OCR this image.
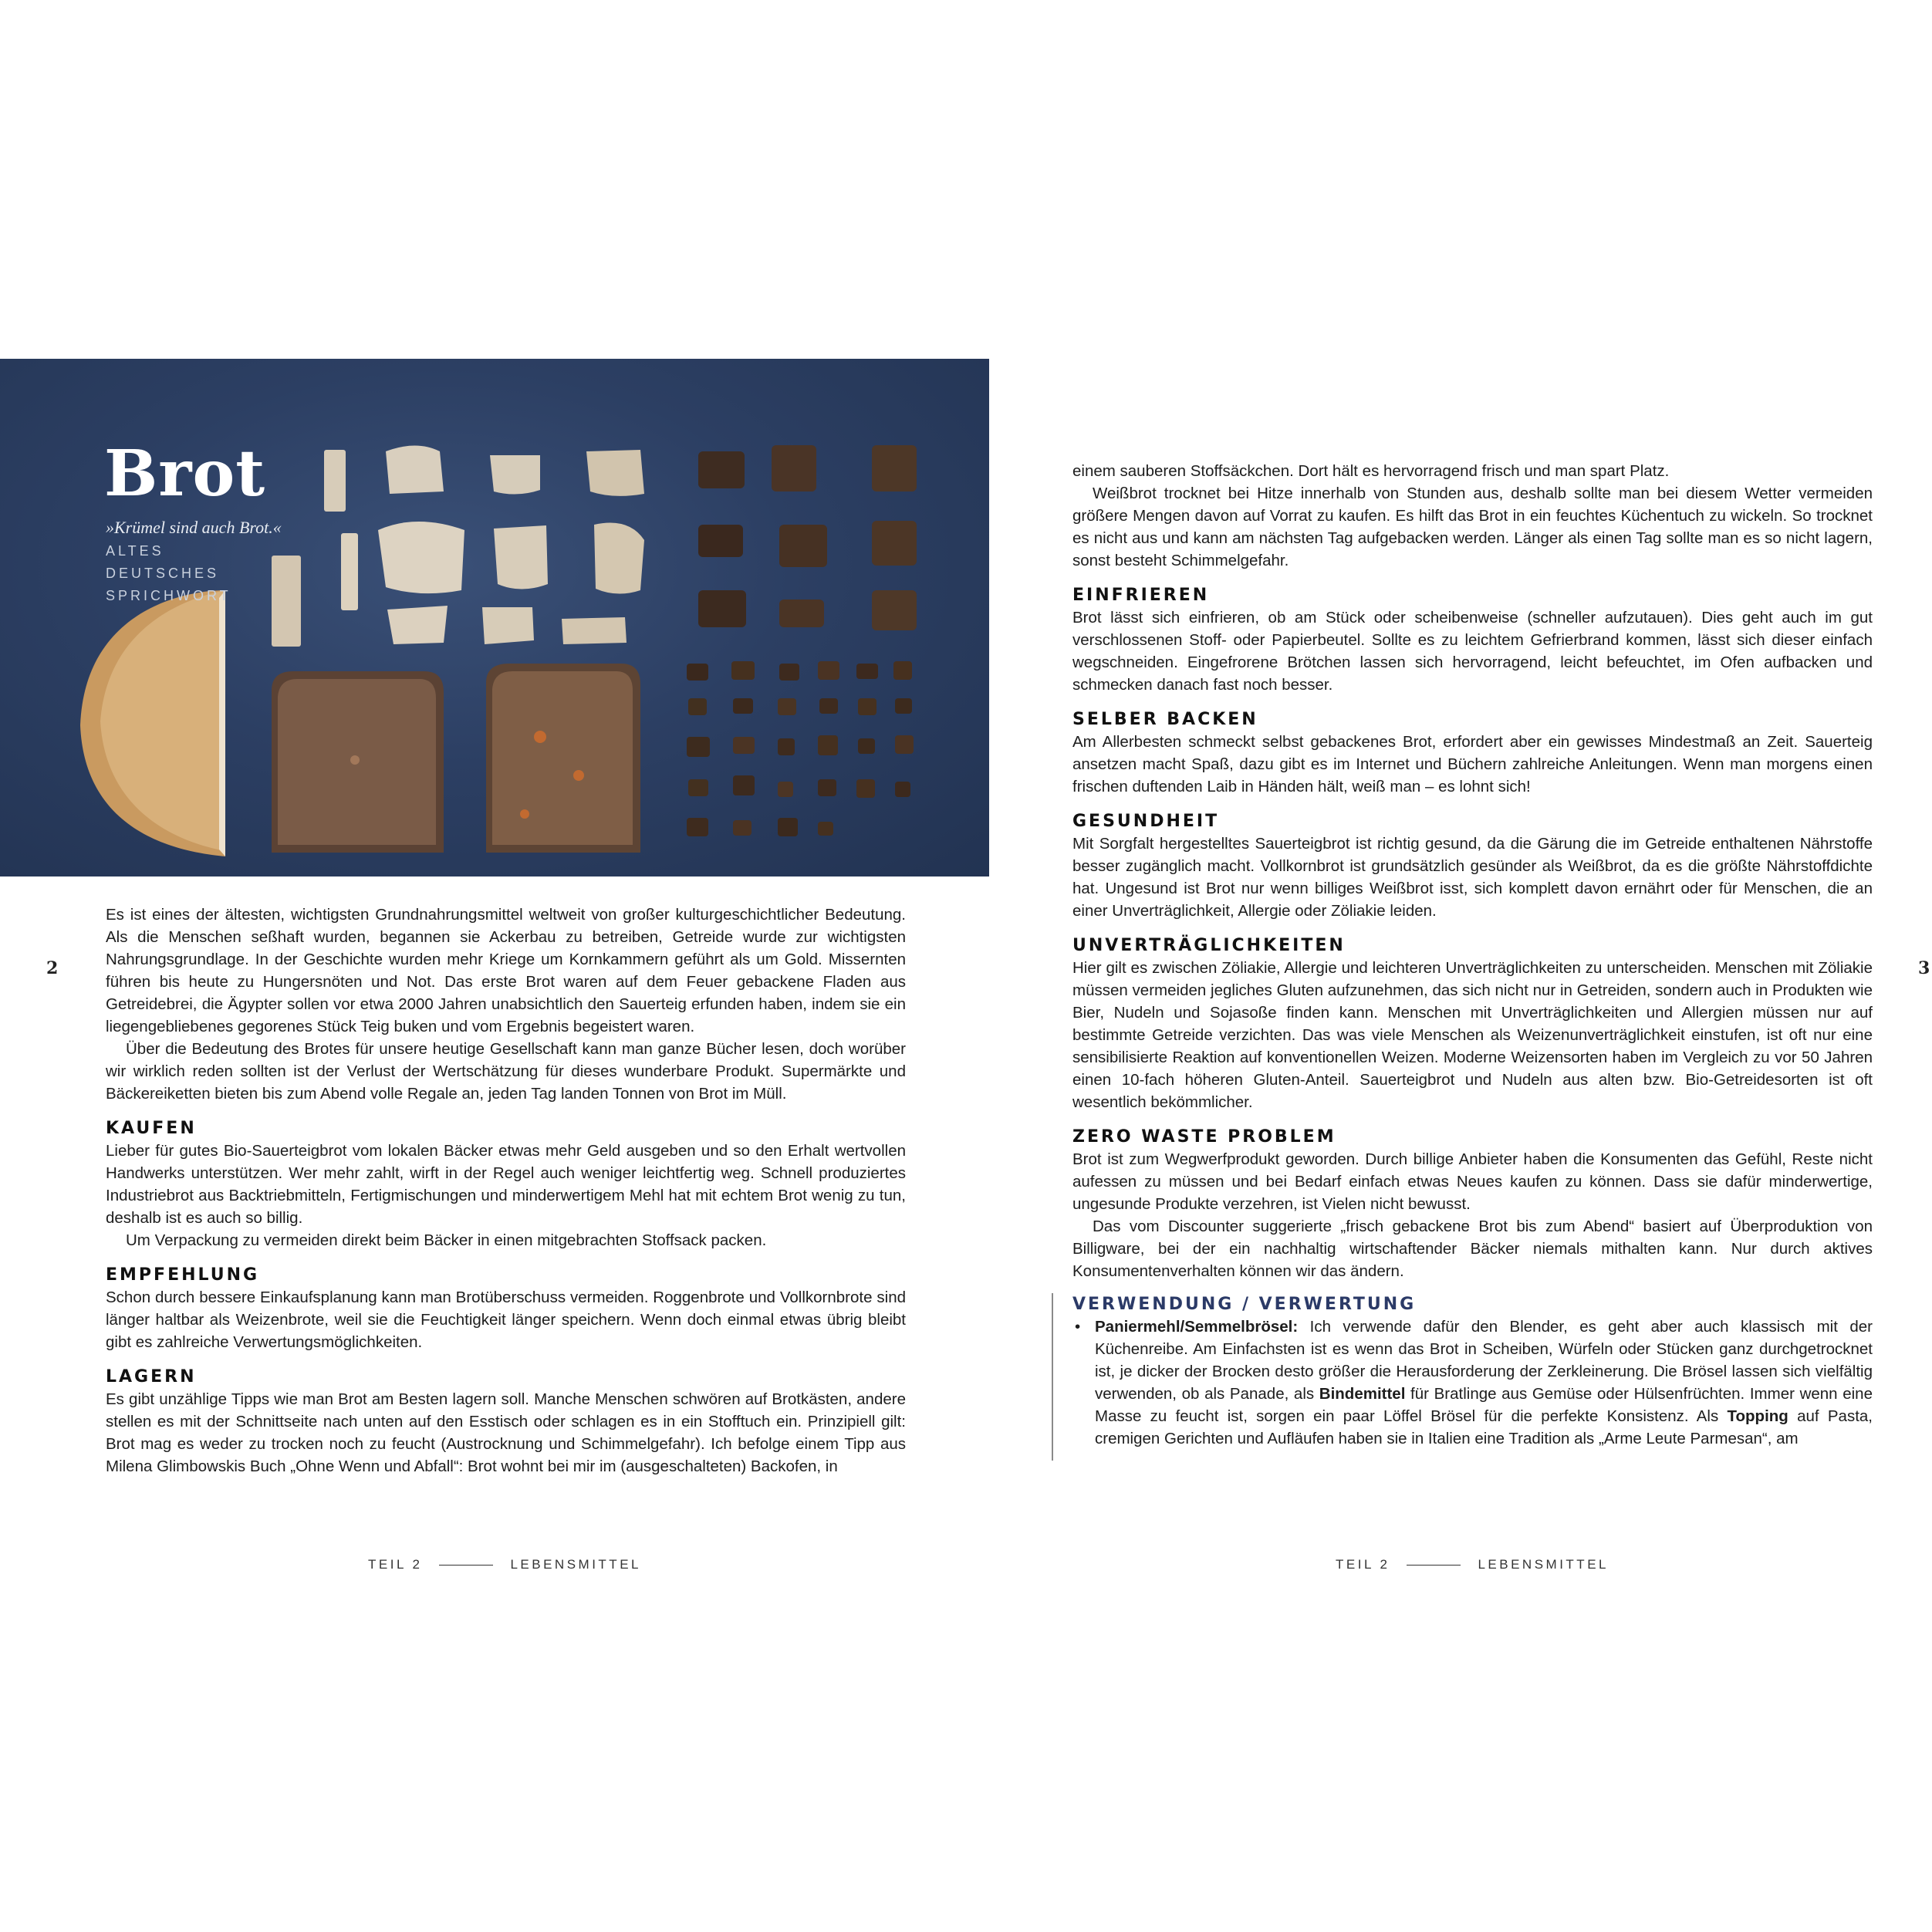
Brot
»Krümel sind auch Brot.«
ALTES DEUTSCHES SPRICHWORT

Es ist eines der ältesten, wichtigsten Grundnahrungsmittel weltweit von großer kulturgeschichtlicher Bedeutung. Als die Menschen seßhaft wurden, begannen sie Ackerbau zu betreiben, Getreide wurde zur wichtigsten Nahrungsgrundlage. In der Geschichte wurden mehr Kriege um Kornkammern geführt als um Gold. Missernten führen bis heute zu Hungersnöten und Not. Das erste Brot waren auf dem Feuer gebackene Fladen aus Getreidebrei, die Ägypter sollen vor etwa 2000 Jahren unabsichtlich den Sauerteig erfunden haben, indem sie ein liegengebliebenes gegorenes Stück Teig buken und vom Ergebnis begeistert waren.

Über die Bedeutung des Brotes für unsere heutige Gesellschaft kann man ganze Bücher lesen, doch worüber wir wirklich reden sollten ist der Verlust der Wertschätzung für dieses wunderbare Produkt. Supermärkte und Bäckereiketten bieten bis zum Abend volle Regale an, jeden Tag landen Tonnen von Brot im Müll.

KAUFEN

Lieber für gutes Bio-Sauerteigbrot vom lokalen Bäcker etwas mehr Geld ausgeben und so den Erhalt wertvollen Handwerks unterstützen. Wer mehr zahlt, wirft in der Regel auch weniger leichtfertig weg. Schnell produziertes Industriebrot aus Backtriebmitteln, Fertigmischungen und minderwertigem Mehl hat mit echtem Brot wenig zu tun, deshalb ist es auch so billig.

Um Verpackung zu vermeiden direkt beim Bäcker in einen mitgebrachten Stoffsack packen.

EMPFEHLUNG

Schon durch bessere Einkaufsplanung kann man Brotüberschuss vermeiden. Roggenbrote und Vollkornbrote sind länger haltbar als Weizenbrote, weil sie die Feuchtigkeit länger speichern. Wenn doch einmal etwas übrig bleibt gibt es zahlreiche Verwertungsmöglichkeiten.

LAGERN

Es gibt unzählige Tipps wie man Brot am Besten lagern soll. Manche Menschen schwören auf Brotkästen, andere stellen es mit der Schnittseite nach unten auf den Esstisch oder schlagen es in ein Stofftuch ein. Prinzipiell gilt: Brot mag es weder zu trocken noch zu feucht (Austrocknung und Schimmelgefahr). Ich befolge einem Tipp aus Milena Glimbowskis Buch „Ohne Wenn und Abfall“: Brot wohnt bei mir im (ausgeschalteten) Backofen, in

einem sauberen Stoffsäckchen. Dort hält es hervorragend frisch und man spart Platz.

Weißbrot trocknet bei Hitze innerhalb von Stunden aus, deshalb sollte man bei diesem Wetter vermeiden größere Mengen davon auf Vorrat zu kaufen. Es hilft das Brot in ein feuchtes Küchentuch zu wickeln. So trocknet es nicht aus und kann am nächsten Tag aufgebacken werden. Länger als einen Tag sollte man es so nicht lagern, sonst besteht Schimmelgefahr.

EINFRIEREN

Brot lässt sich einfrieren, ob am Stück oder scheibenweise (schneller aufzutauen). Dies geht auch im gut verschlossenen Stoff- oder Papierbeutel. Sollte es zu leichtem Gefrierbrand kommen, lässt sich dieser einfach wegschneiden. Eingefrorene Brötchen lassen sich hervorragend, leicht befeuchtet, im Ofen aufbacken und schmecken danach fast noch besser.

SELBER BACKEN

Am Allerbesten schmeckt selbst gebackenes Brot, erfordert aber ein gewisses Mindestmaß an Zeit. Sauerteig ansetzen macht Spaß, dazu gibt es im Internet und Büchern zahlreiche Anleitungen. Wenn man morgens einen frischen duftenden Laib in Händen hält, weiß man – es lohnt sich!

GESUNDHEIT

Mit Sorgfalt hergestelltes Sauerteigbrot ist richtig gesund, da die Gärung die im Getreide enthaltenen Nährstoffe besser zugänglich macht. Vollkornbrot ist grundsätzlich gesünder als Weißbrot, da es die größte Nährstoffdichte hat. Ungesund ist Brot nur wenn billiges Weißbrot isst, sich komplett davon ernährt oder für Menschen, die an einer Unverträglichkeit, Allergie oder Zöliakie leiden.

UNVERTRÄGLICHKEITEN

Hier gilt es zwischen Zöliakie, Allergie und leichteren Unverträglichkeiten zu unterscheiden. Menschen mit Zöliakie müssen vermeiden jegliches Gluten aufzunehmen, das sich nicht nur in Getreiden, sondern auch in Produkten wie Bier, Nudeln und Sojasoße finden kann. Menschen mit Unverträglichkeiten und Allergien müssen nur auf bestimmte Getreide verzichten. Das was viele Menschen als Weizenunverträglichkeit einstufen, ist oft nur eine sensibilisierte Reaktion auf konventionellen Weizen. Moderne Weizensorten haben im Vergleich zu vor 50 Jahren einen 10-fach höheren Gluten-Anteil. Sauerteigbrot und Nudeln aus alten bzw. Bio-Getreidesorten ist oft wesentlich bekömmlicher.

ZERO WASTE PROBLEM

Brot ist zum Wegwerfprodukt geworden. Durch billige Anbieter haben die Konsumenten das Gefühl, Reste nicht aufessen zu müssen und bei Bedarf einfach etwas Neues kaufen zu können. Dass sie dafür minderwertige, ungesunde Produkte verzehren, ist Vielen nicht bewusst.

Das vom Discounter suggerierte „frisch gebackene Brot bis zum Abend“ basiert auf Überproduktion von Billigware, bei der ein nachhaltig wirtschaftender Bäcker niemals mithalten kann. Nur durch aktives Konsumentenverhalten können wir das ändern.

VERWENDUNG / VERWERTUNG

• Paniermehl/Semmelbrösel: Ich verwende dafür den Blender, es geht aber auch klassisch mit der Küchenreibe. Am Einfachsten ist es wenn das Brot in Scheiben, Würfeln oder Stücken ganz durchgetrocknet ist, je dicker der Brocken desto größer die Herausforderung der Zerkleinerung. Die Brösel lassen sich vielfältig verwenden, ob als Panade, als Bindemittel für Bratlinge aus Gemüse oder Hülsenfrüchten. Immer wenn eine Masse zu feucht ist, sorgen ein paar Löffel Brösel für die perfekte Konsistenz. Als Topping auf Pasta, cremigen Gerichten und Aufläufen haben sie in Italien eine Tradition als „Arme Leute Parmesan“, am

2	3
TEIL 2	LEBENSMITTEL	TEIL 2	LEBENSMITTEL
